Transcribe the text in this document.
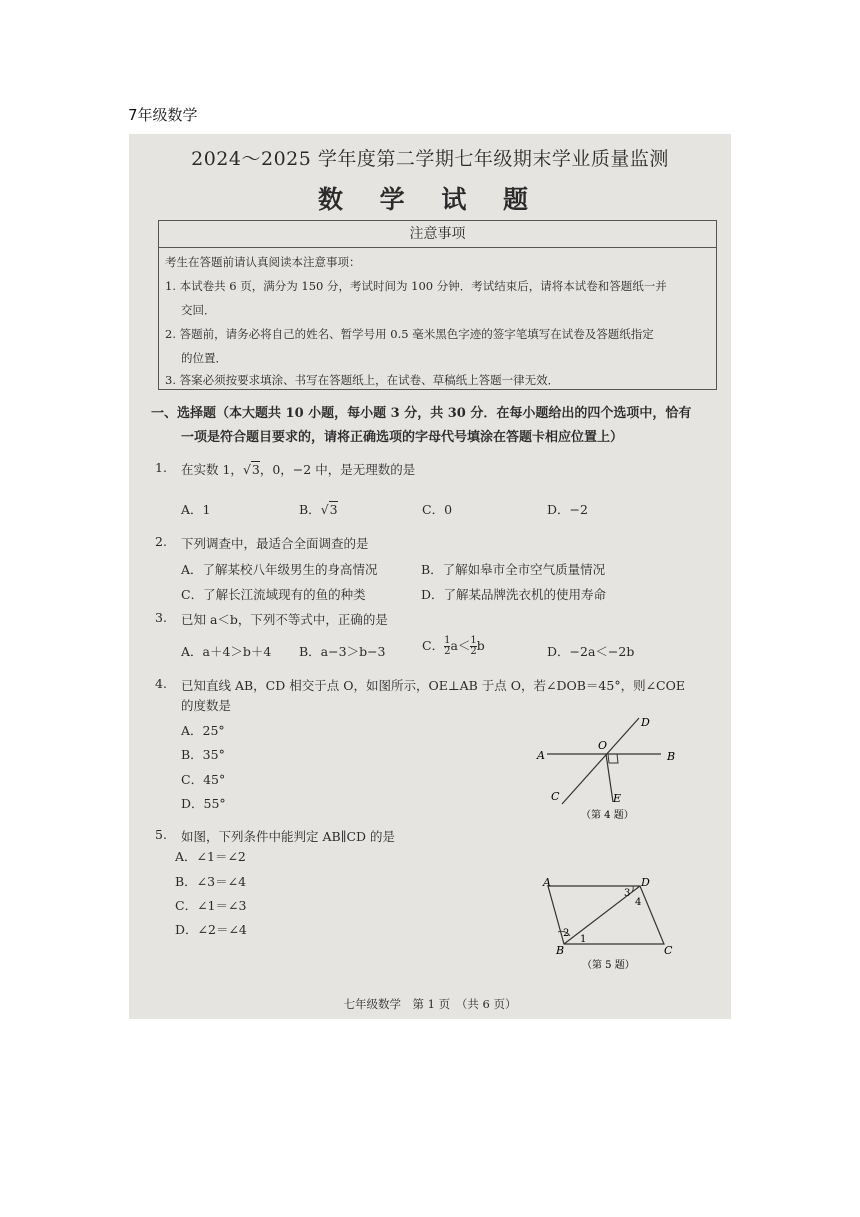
7年级数学
2024～2025 学年度第二学期七年级期末学业质量监测
数 学 试 题
注意事项
考生在答题前请认真阅读本注意事项：
1. 本试卷共 6 页，满分为 150 分，考试时间为 100 分钟．考试结束后，请将本试卷和答题纸一并
交回．
2. 答题前，请务必将自己的姓名、暂学号用 0.5 毫米黑色字迹的签字笔填写在试卷及答题纸指定
的位置．
3. 答案必须按要求填涂、书写在答题纸上，在试卷、草稿纸上答题一律无效．
一、选择题（本大题共 10 小题，每小题 3 分，共 30 分．在每小题给出的四个选项中，恰有
一项是符合题目要求的，请将正确选项的字母代号填涂在答题卡相应位置上）
1. 在实数 1，√3，0，−2 中，是无理数的是
A．1	B．√3	C．0	D．−2
2. 下列调查中，最适合全面调查的是
A．了解某校八年级男生的身高情况	B．了解如皋市全市空气质量情况
C．了解长江流域现有的鱼的种类	D．了解某品牌洗衣机的使用寿命
3. 已知 a＜b，下列不等式中，正确的是
A．a＋4＞b＋4 B．a−3＞b−3	C． $\frac{1}{2} a< \frac{1}{2}$ b	D．−2a＜−2b
4. 已知直线 AB，CD 相交于点 O，如图所示，OE⊥AB 于点 O，若∠DOB＝45°，则∠COE
的度数是
A．25°
B．35°
C．45°
D．55°
A	B
C
D
E
O
（第 4 题）
5. 如图，下列条件中能判定 AB∥CD 的是
A．∠1＝∠2
B．∠3＝∠4
C．∠1＝∠3
D．∠2＝∠4
A
B	C
D
1
2
3
4
（第 5 题）
七年级数学　第 1 页　（共 6 页）
